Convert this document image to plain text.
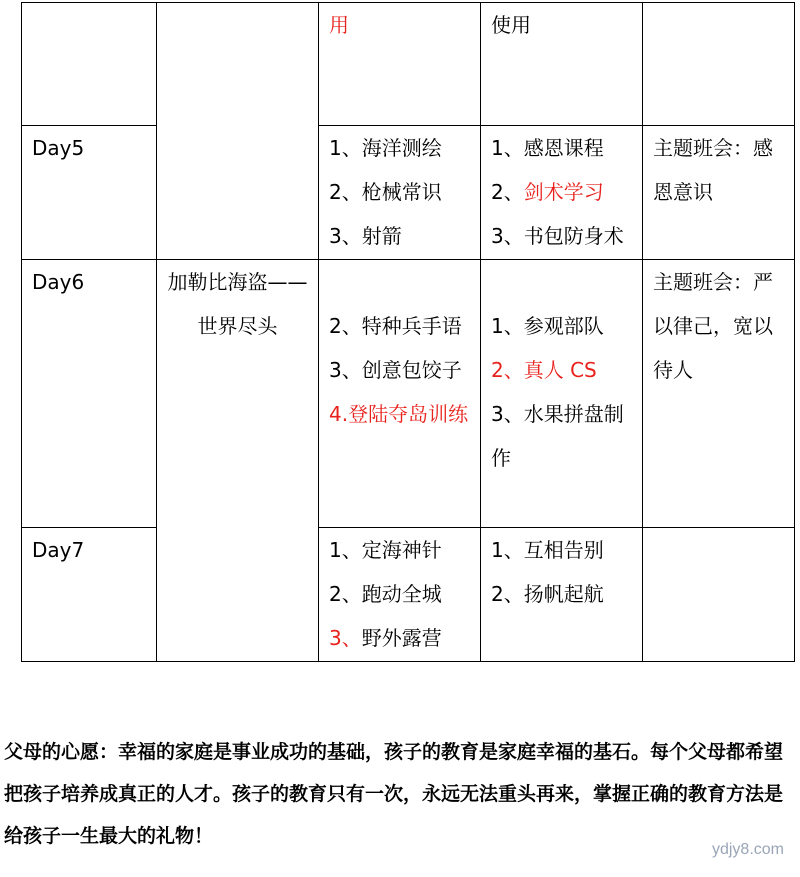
		用	使用	

Day5		1、海洋测绘
2、枪械常识
3、射箭	1、感恩课程
2、剑术学习
3、书包防身术	主题班会：感恩意识
Day6	加勒比海盗——世界尽头	2、特种兵手语
3、创意包饺子
4.登陆夺岛训练	1、参观部队
2、真人 CS
3、水果拼盘制作	主题班会：严以律己，宽以待人
Day7		1、定海神针
2、跑动全城
3、野外露营	1、互相告别
2、扬帆起航	

父母的心愿：幸福的家庭是事业成功的基础，孩子的教育是家庭幸福的基石。每个父母都希望把孩子培养成真正的人才。孩子的教育只有一次，永远无法重头再来，掌握正确的教育方法是给孩子一生最大的礼物！

ydjy8.com
